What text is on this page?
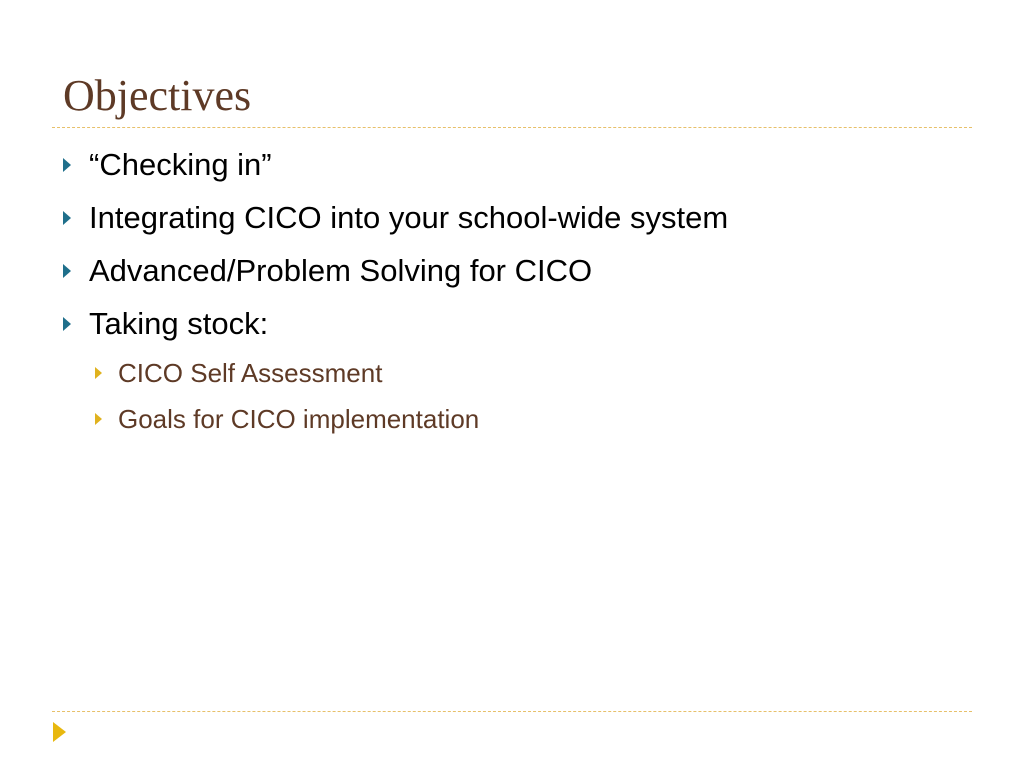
Objectives
“Checking in”
Integrating CICO into your school-wide system
Advanced/Problem Solving for CICO
Taking stock:
CICO Self Assessment
Goals for CICO implementation
